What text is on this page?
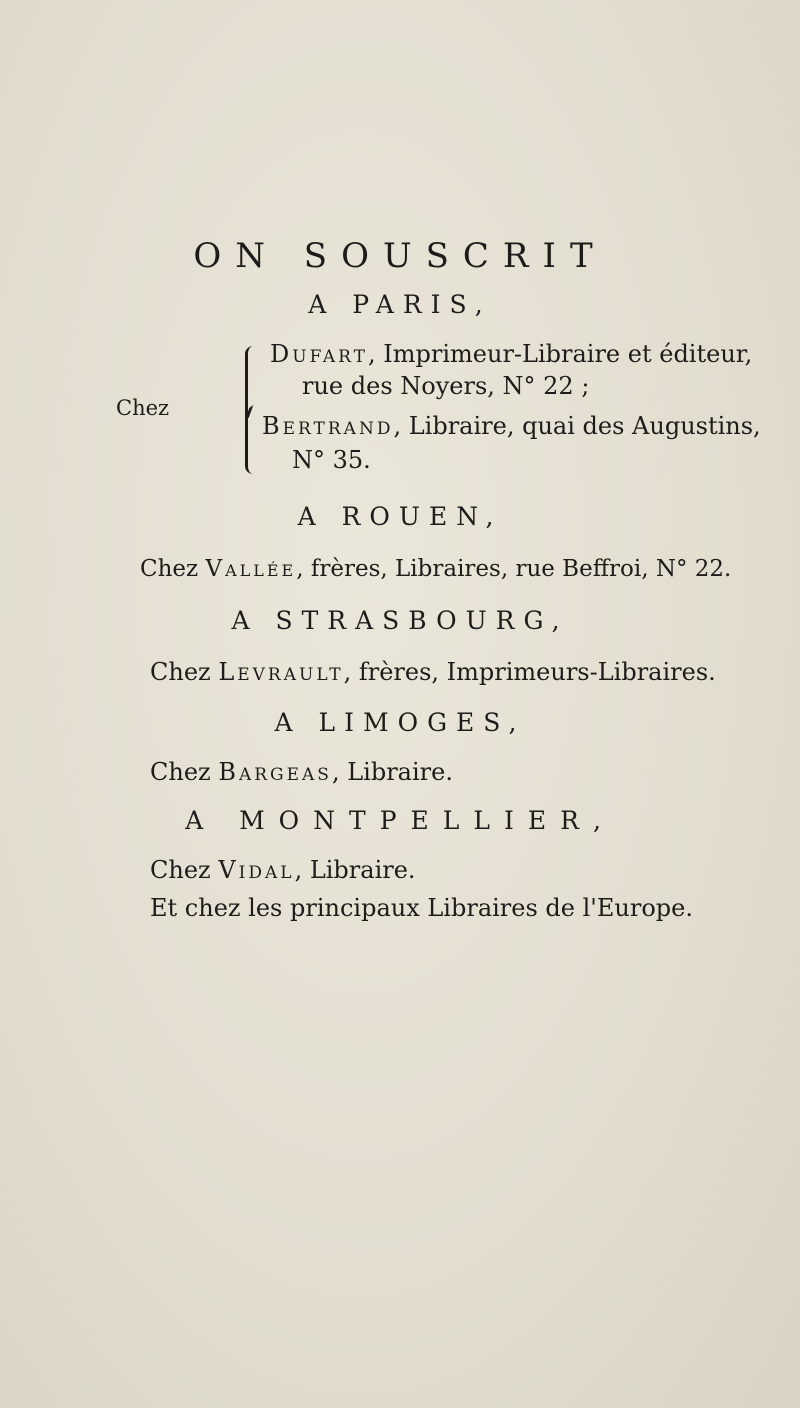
ON SOUSCRIT
A PARIS,
Chez
Dufart, Imprimeur-Libraire et éditeur,
rue des Noyers, N° 22 ;
Bertrand, Libraire, quai des Augustins,
N° 35.
A ROUEN,
Chez Vallée, frères, Libraires, rue Beffroi, N° 22.
A STRASBOURG,
Chez Levrault, frères, Imprimeurs-Libraires.
A LIMOGES,
Chez Bargeas, Libraire.
A MONTPELLIER,
Chez Vidal, Libraire.
Et chez les principaux Libraires de l'Europe.
